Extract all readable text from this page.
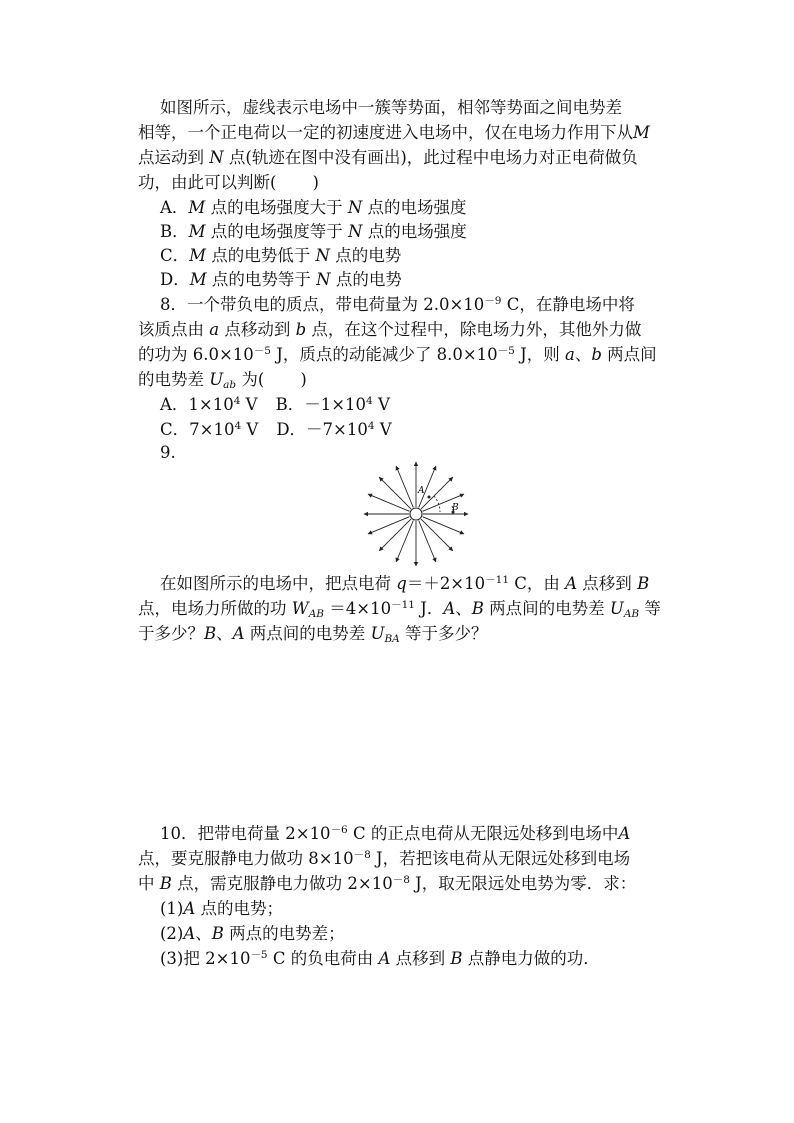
如图所示，虚线表示电场中一簇等势面，相邻等势面之间电势差
相等，一个正电荷以一定的初速度进入电场中，仅在电场力作用下从M
点运动到 N 点(轨迹在图中没有画出)，此过程中电场力对正电荷做负
功，由此可以判断( )
A．M 点的电场强度大于 N 点的电场强度
B．M 点的电场强度等于 N 点的电场强度
C．M 点的电势低于 N 点的电势
D．M 点的电势等于 N 点的电势
8．一个带负电的质点，带电荷量为 $2.0\times 10^{-9}$ C，在静电场中将
该质点由 a 点移动到 b 点，在这个过程中，除电场力外，其他外力做
的功为 $6.0\times 10^{-5}$ J，质点的动能减少了 $8.0\times 10^{-5}$ J，则 a、b 两点间
的电势差 $U_{ab}$ 为( )
A．$1\times 10^4$ V B．$-1\times 10^4$ V
C．$7\times 10^4$ V D．$-7\times 10^4$ V
9.
A
B
在如图所示的电场中，把点电荷 $q=+2\times 10^{-11}$ C，由 A 点移到 B
点，电场力所做的功 $W_{AB} =4\times 10^{-11}$ J．A、B 两点间的电势差 $U_{AB}$ 等
于多少？B、A 两点间的电势差 $U_{BA}$ 等于多少？
10．把带电荷量 $2\times 10^{-6}$ C 的正点电荷从无限远处移到电场中A
点，要克服静电力做功 $8\times 10^{-8}$ J，若把该电荷从无限远处移到电场
中 B 点，需克服静电力做功 $2\times 10^{-8}$ J，取无限远处电势为零．求：
(1)A 点的电势；
(2)A、B 两点的电势差；
(3)把 $2\times 10^{-5}$ C 的负电荷由 A 点移到 B 点静电力做的功．
